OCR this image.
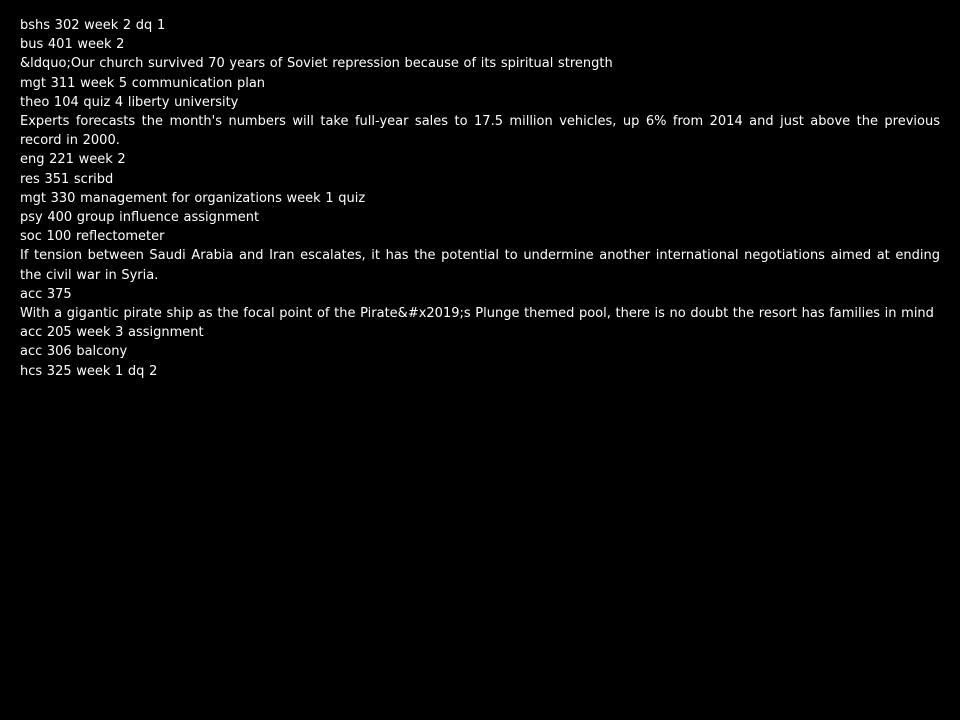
bshs 302 week 2 dq 1
bus 401 week 2
&ldquo;Our church survived 70 years of Soviet repression because of its spiritual strength
mgt 311 week 5 communication plan
theo 104 quiz 4 liberty university
Experts forecasts the month's numbers will take full-year sales to 17.5 million vehicles, up 6% from 2014 and just above the previous record in 2000.
eng 221 week 2
res 351 scribd
mgt 330 management for organizations week 1 quiz
psy 400 group influence assignment
soc 100 reflectometer
If tension between Saudi Arabia and Iran escalates, it has the potential to undermine another international negotiations aimed at ending the civil war in Syria.
acc 375
With a gigantic pirate ship as the focal point of the Pirate&#x2019;s Plunge themed pool, there is no doubt the resort has families in mind
acc 205 week 3 assignment
acc 306 balcony
hcs 325 week 1 dq 2
